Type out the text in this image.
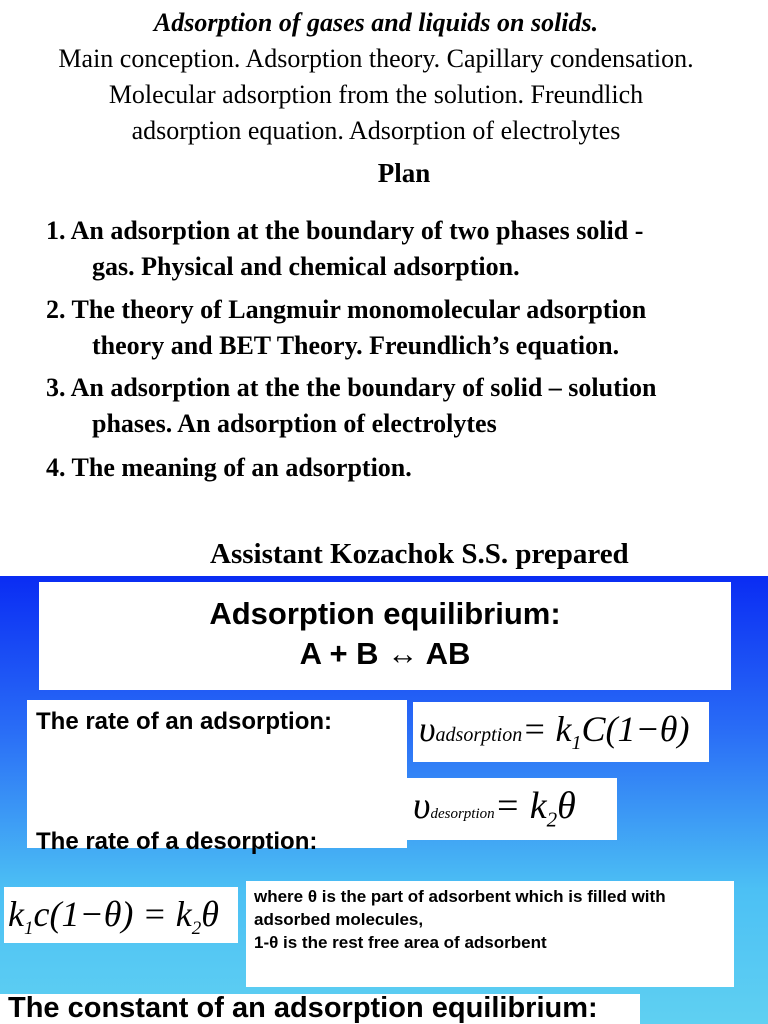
Adsorption of gases and liquids on solids.
Main conception. Adsorption theory. Capillary condensation.
Molecular adsorption from the solution. Freundlich
adsorption equation. Adsorption of electrolytes
Plan
1. An adsorption at the boundary of two phases solid -
gas. Physical and chemical adsorption.
2. The theory of Langmuir monomolecular adsorption
theory and BET Theory. Freundlich’s equation.
3. An adsorption at the the boundary of solid – solution
phases. An adsorption of electrolytes
4. The meaning of an adsorption.
Assistant Kozachok S.S. prepared
Adsorption equilibrium:
A + B ↔ AB
The rate of an adsorption:
The rate of a desorption:
υadsorption= $k_1C(1-\theta)$
υdesorption= $k_2\theta$
$k_1c(1-\theta) = k_2\theta$ where θ is the part of adsorbent which is filled with
adsorbed molecules,
1-θ is the rest free area of adsorbent
The constant of an adsorption equilibrium:
